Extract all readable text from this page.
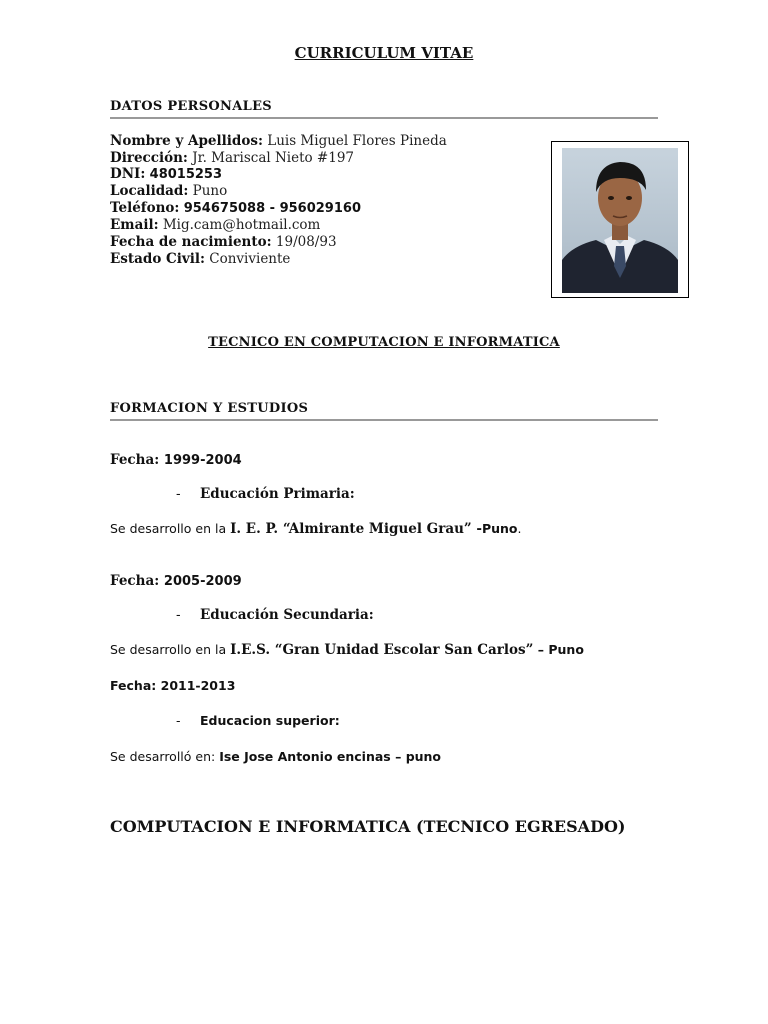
CURRICULUM VITAE
DATOS PERSONALES
Nombre y Apellidos: Luis Miguel Flores Pineda
Dirección: Jr. Mariscal Nieto #197
DNI: 48015253
Localidad: Puno
Teléfono: 954675088 - 956029160
Email: Mig.cam@hotmail.com
Fecha de nacimiento: 19/08/93
Estado Civil: Conviviente
TECNICO EN COMPUTACION E INFORMATICA
FORMACION Y ESTUDIOS
Fecha: 1999-2004
- Educación Primaria:
Se desarrollo en la I. E. P. “Almirante Miguel Grau” -Puno.
Fecha: 2005-2009
- Educación Secundaria:
Se desarrollo en la I.E.S. “Gran Unidad Escolar San Carlos” – Puno
Fecha: 2011-2013
- Educacion superior:
Se desarrolló en: Ise Jose Antonio encinas – puno
COMPUTACION E INFORMATICA (TECNICO EGRESADO)
